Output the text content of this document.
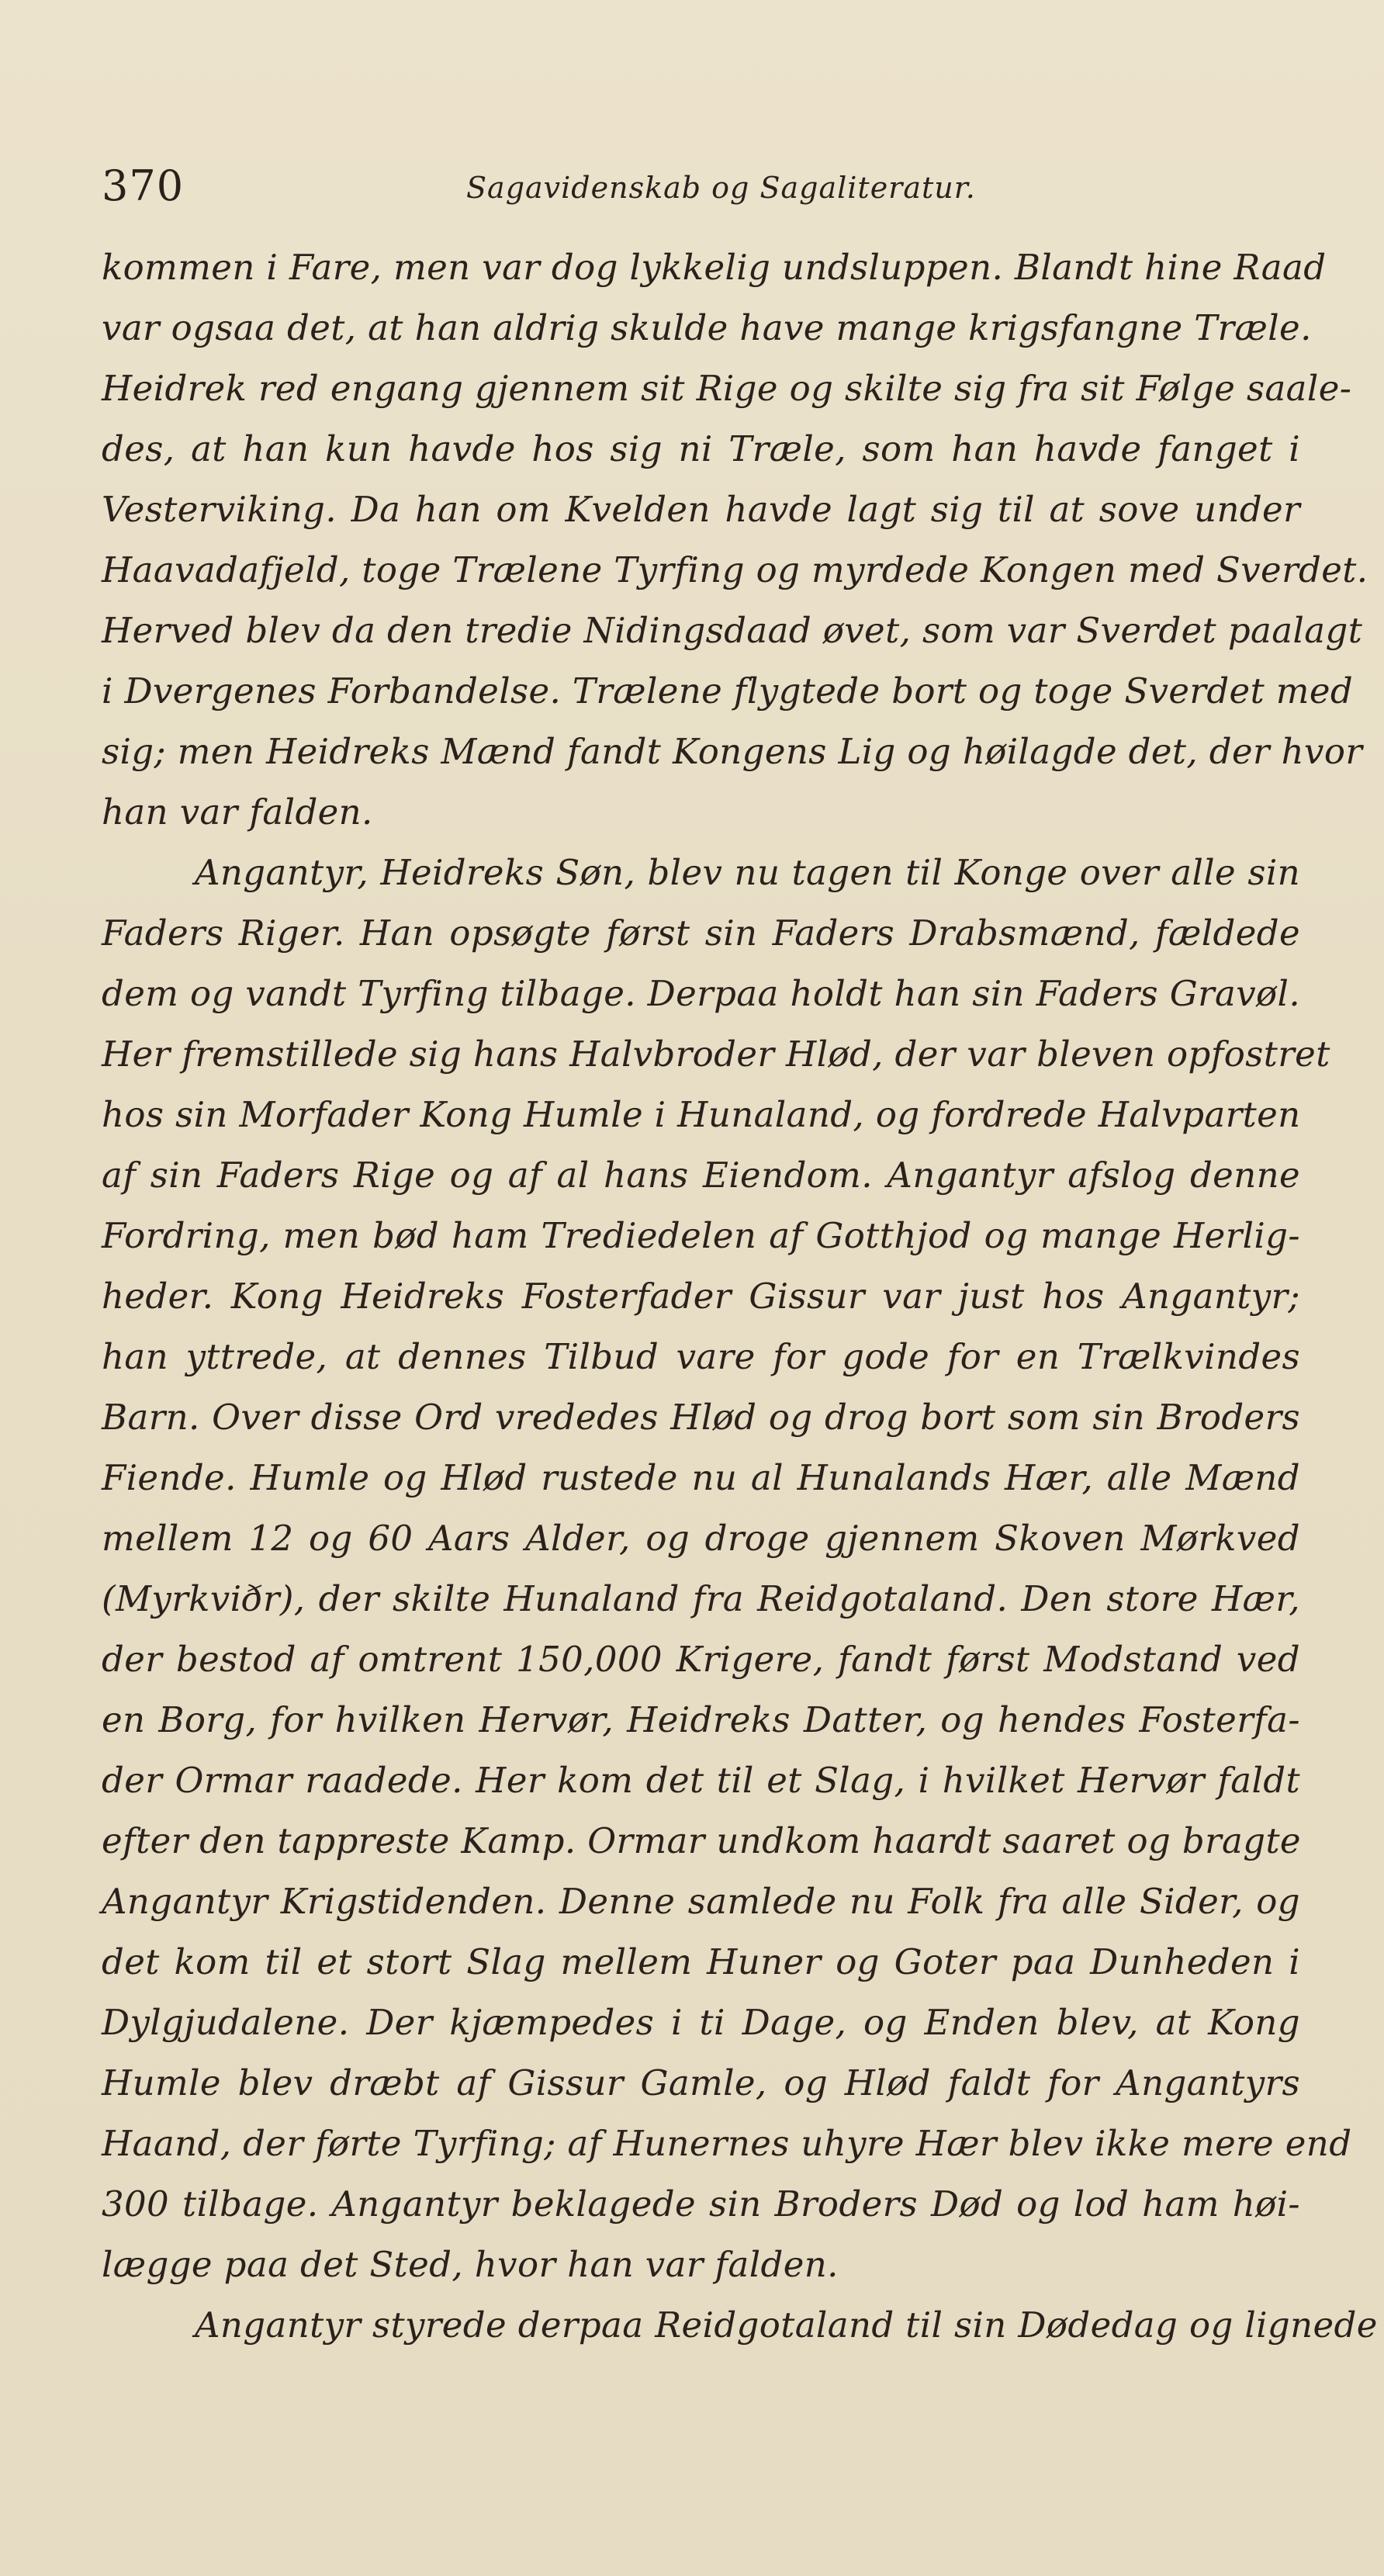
370	Sagavidenskab og Sagaliteratur.
kommen i Fare, men var dog lykkelig undsluppen. Blandt hine Raad
var ogsaa det, at han aldrig skulde have mange krigsfangne Træle.
Heidrek red engang gjennem sit Rige og skilte sig fra sit Følge saale-
des, at han kun havde hos sig ni Træle, som han havde fanget i
Vesterviking. Da han om Kvelden havde lagt sig til at sove under
Haavadafjeld, toge Trælene Tyrfing og myrdede Kongen med Sverdet.
Herved blev da den tredie Nidingsdaad øvet, som var Sverdet paalagt
i Dvergenes Forbandelse. Trælene flygtede bort og toge Sverdet med
sig; men Heidreks Mænd fandt Kongens Lig og høilagde det, der hvor
han var falden.
Angantyr, Heidreks Søn, blev nu tagen til Konge over alle sin
Faders Riger. Han opsøgte først sin Faders Drabsmænd, fældede
dem og vandt Tyrfing tilbage. Derpaa holdt han sin Faders Gravøl.
Her fremstillede sig hans Halvbroder Hlød, der var bleven opfostret
hos sin Morfader Kong Humle i Hunaland, og fordrede Halvparten
af sin Faders Rige og af al hans Eiendom. Angantyr afslog denne
Fordring, men bød ham Trediedelen af Gotthjod og mange Herlig-
heder. Kong Heidreks Fosterfader Gissur var just hos Angantyr;
han yttrede, at dennes Tilbud vare for gode for en Trælkvindes
Barn. Over disse Ord vrededes Hlød og drog bort som sin Broders
Fiende. Humle og Hlød rustede nu al Hunalands Hær, alle Mænd
mellem 12 og 60 Aars Alder, og droge gjennem Skoven Mørkved
(Myrkviðr), der skilte Hunaland fra Reidgotaland. Den store Hær,
der bestod af omtrent 150,000 Krigere, fandt først Modstand ved
en Borg, for hvilken Hervør, Heidreks Datter, og hendes Fosterfa-
der Ormar raadede. Her kom det til et Slag, i hvilket Hervør faldt
efter den tappreste Kamp. Ormar undkom haardt saaret og bragte
Angantyr Krigstidenden. Denne samlede nu Folk fra alle Sider, og
det kom til et stort Slag mellem Huner og Goter paa Dunheden i
Dylgjudalene. Der kjæmpedes i ti Dage, og Enden blev, at Kong
Humle blev dræbt af Gissur Gamle, og Hlød faldt for Angantyrs
Haand, der førte Tyrfing; af Hunernes uhyre Hær blev ikke mere end
300 tilbage. Angantyr beklagede sin Broders Død og lod ham høi-
lægge paa det Sted, hvor han var falden.
Angantyr styrede derpaa Reidgotaland til sin Dødedag og lignede
